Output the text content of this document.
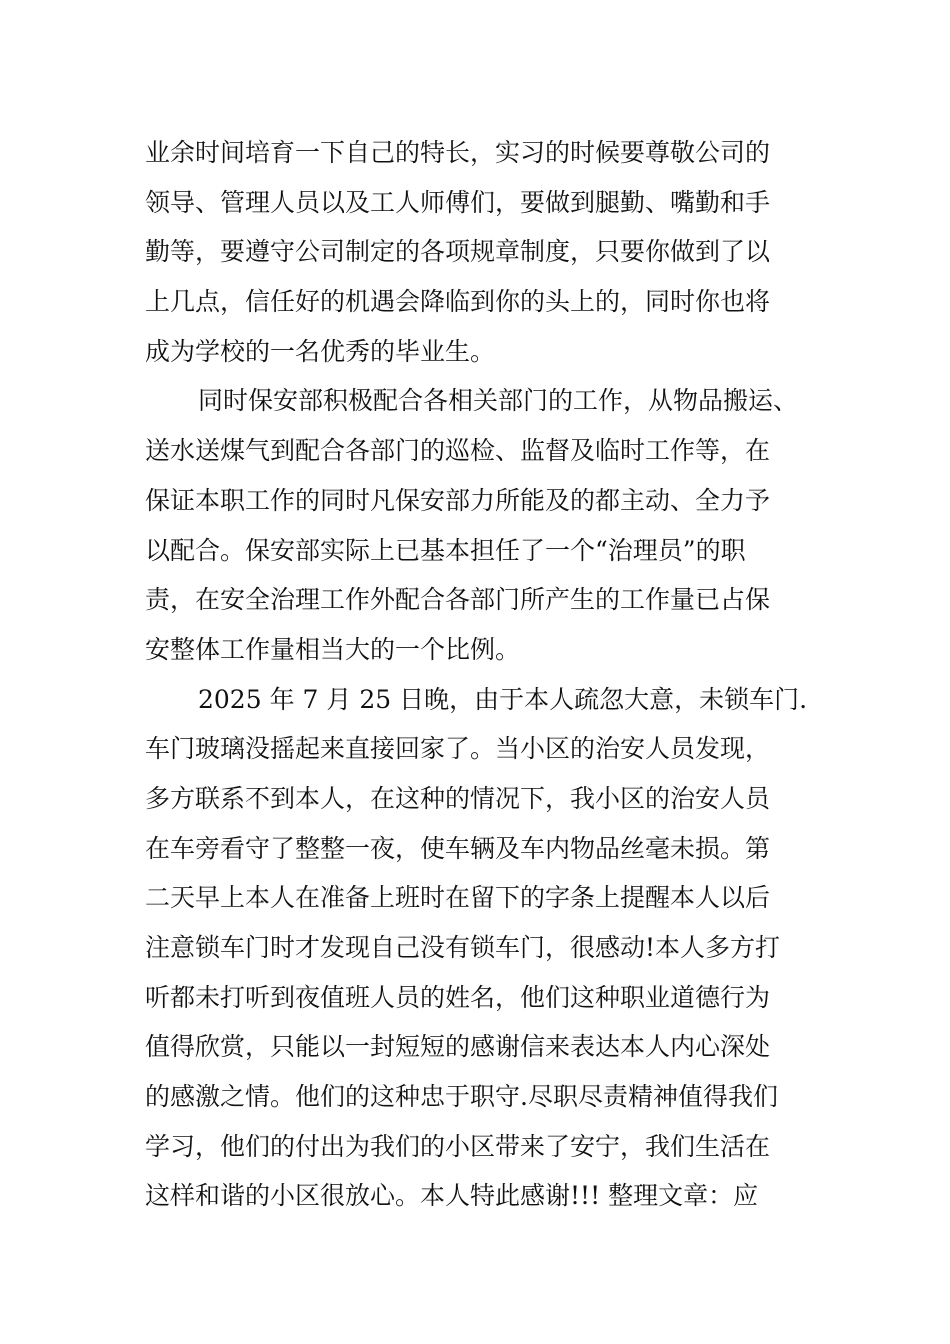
业余时间培育一下自己的特长，实习的时候要尊敬公司的
领导、管理人员以及工人师傅们，要做到腿勤、嘴勤和手
勤等，要遵守公司制定的各项规章制度，只要你做到了以
上几点，信任好的机遇会降临到你的头上的，同时你也将
成为学校的一名优秀的毕业生。
同时保安部积极配合各相关部门的工作，从物品搬运、
送水送煤气到配合各部门的巡检、监督及临时工作等，在
保证本职工作的同时凡保安部力所能及的都主动、全力予
以配合。保安部实际上已基本担任了一个“治理员”的职
责，在安全治理工作外配合各部门所产生的工作量已占保
安整体工作量相当大的一个比例。
2025 年 7 月 25 日晚，由于本人疏忽大意，未锁车门.
车门玻璃没摇起来直接回家了。当小区的治安人员发现，
多方联系不到本人，在这种的情况下，我小区的治安人员
在车旁看守了整整一夜，使车辆及车内物品丝毫未损。第
二天早上本人在准备上班时在留下的字条上提醒本人以后
注意锁车门时才发现自己没有锁车门，很感动!本人多方打
听都未打听到夜值班人员的姓名，他们这种职业道德行为
值得欣赏，只能以一封短短的感谢信来表达本人内心深处
的感激之情。他们的这种忠于职守.尽职尽责精神值得我们
学习，他们的付出为我们的小区带来了安宁，我们生活在
这样和谐的小区很放心。本人特此感谢!!! 整理文章：应
